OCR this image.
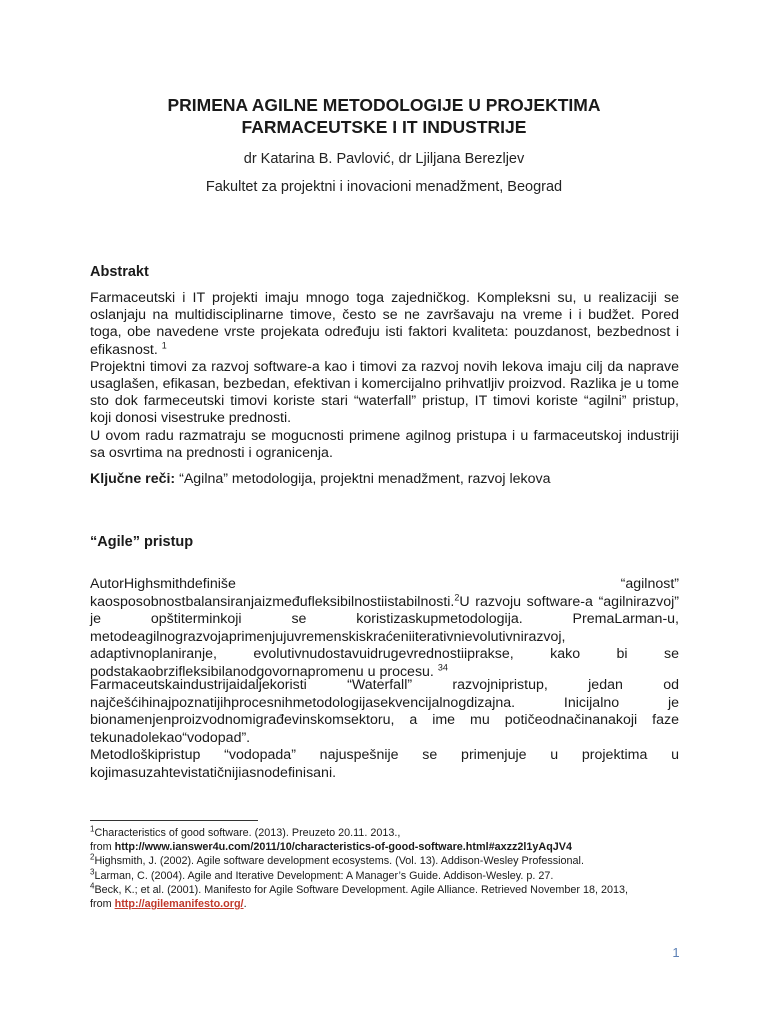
PRIMENA AGILNE METODOLOGIJE U PROJEKTIMA
FARMACEUTSKE I IT INDUSTRIJE
dr Katarina B. Pavlović, dr Ljiljana Berezljev
Fakultet za projektni i inovacioni menadžment, Beograd
Abstrakt

Farmaceutski i IT projekti imaju mnogo toga zajedničkog. Kompleksni su, u realizaciji se oslanjaju na multidisciplinarne timove, često se ne završavaju na vreme i i budžet. Pored toga, obe navedene vrste projekata određuju isti faktori kvaliteta: pouzdanost, bezbednost i efikasnost. $^1$

Projektni timovi za razvoj software-a kao i timovi za razvoj novih lekova imaju cilj da naprave usaglašen, efikasan, bezbedan, efektivan i komercijalno prihvatljiv proizvod. Razlika je u tome sto dok farmeceutski timovi koriste stari “waterfall” pristup, IT timovi koriste “agilni” pristup, koji donosi visestruke prednosti.

U ovom radu razmatraju se mogucnosti primene agilnog pristupa i u farmaceutskoj industriji sa osvrtima na prednosti i ogranicenja.

Ključne reči: “Agilna” metodologija, projektni menadžment, razvoj lekova
“Agile” pristup

AutorHighsmithdefiniše “agilnost” kaosposobnostbalansiranjaizmeđufleksibilnostiistabilnosti.$^2$U razvoju software-a “agilnirazvoj” je opštiterminkoji se koristizaskupmetodologija. PremaLarman-u, metodeagilnograzvojaprimenjujuvremenskiskraćeniiterativnievolutivnirazvoj, adaptivnoplaniranje, evolutivnudostavuidrugevrednostiiprakse, kako bi se podstakaobrzifleksibilanodgovornapromenu u procesu. $^{34}$

Farmaceutskaindustrijaidaljekoristi “Waterfall” razvojnipristup, jedan od najčešćihinajpoznatijihprocesnihmetodologijasekvencijalnogdizajna. Inicijalno je bionamenjenproizvodnomigrađevinskomsektoru, a ime mu potičeodnačinanakoji faze tekunadolekao“vodopad”.

Metodloškipristup “vodopada” najuspešnije se primenjuje u projektima u kojimasuzahtevistatičnijiasnodefinisani.

$^1$Characteristics of good software. (2013). Preuzeto 20.11. 2013.,

from http://www.ianswer4u.com/2011/10/characteristics-of-good-software.html#axzz2l1yAqJV4

$^2$Highsmith, J. (2002). Agile software development ecosystems. (Vol. 13). Addison-Wesley Professional.

$^3$Larman, C. (2004). Agile and Iterative Development: A Manager’s Guide. Addison-Wesley. p. 27.

$^4$Beck, K.; et al. (2001). Manifesto for Agile Software Development. Agile Alliance. Retrieved November 18, 2013,

from http://agilemanifesto.org/.

1
